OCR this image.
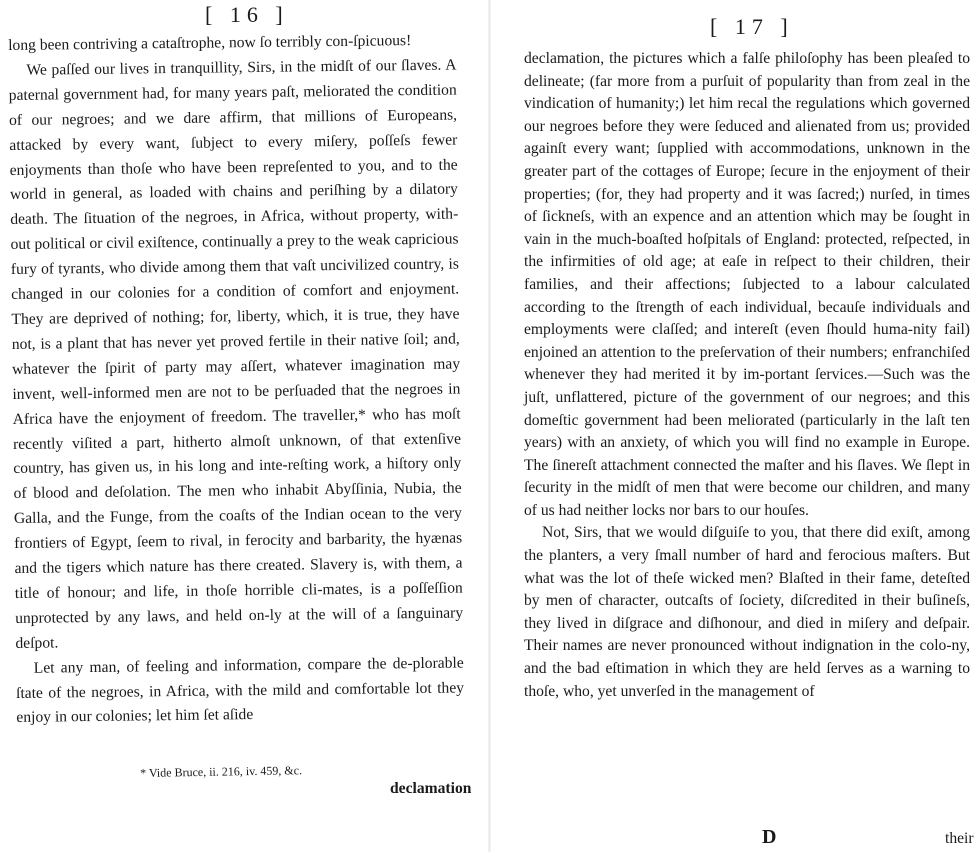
[ 16 ]

long been contriving a cataſtrophe, now ſo terribly con-ſpicuous!

We paſſed our lives in tranquillity, Sirs, in the midſt of our ſlaves. A paternal government had, for many years paſt, meliorated the condition of our negroes; and we dare affirm, that millions of Europeans, attacked by every want, ſubject to every miſery, poſſeſs fewer enjoyments than thoſe who have been repreſented to you, and to the world in general, as loaded with chains and periſhing by a dilatory death. The ſituation of the negroes, in Africa, without property, with-out political or civil exiſtence, continually a prey to the weak capricious fury of tyrants, who divide among them that vaſt uncivilized country, is changed in our colonies for a condition of comfort and enjoyment. They are deprived of nothing; for, liberty, which, it is true, they have not, is a plant that has never yet proved fertile in their native ſoil; and, whatever the ſpirit of party may aſſert, whatever imagination may invent, well-informed men are not to be perſuaded that the negroes in Africa have the enjoyment of freedom. The traveller,* who has moſt recently viſited a part, hitherto almoſt unknown, of that extenſive country, has given us, in his long and inte-reſting work, a hiſtory only of blood and deſolation. The men who inhabit Abyſſinia, Nubia, the Galla, and the Funge, from the coaſts of the Indian ocean to the very frontiers of Egypt, ſeem to rival, in ferocity and barbarity, the hyænas and the tigers which nature has there created. Slavery is, with them, a title of honour; and life, in thoſe horrible cli-mates, is a poſſeſſion unprotected by any laws, and held on-ly at the will of a ſanguinary deſpot.

Let any man, of feeling and information, compare the de-plorable ſtate of the negroes, in Africa, with the mild and comfortable lot they enjoy in our colonies; let him ſet aſide

* Vide Bruce, ii. 216, iv. 459, &c.
declamation
[ 17 ]

declamation, the pictures which a falſe philoſophy has been pleaſed to delineate; (far more from a purſuit of popularity than from zeal in the vindication of humanity;) let him recal the regulations which governed our negroes before they were ſeduced and alienated from us; provided againſt every want; ſupplied with accommodations, unknown in the greater part of the cottages of Europe; ſecure in the enjoyment of their properties; (for, they had property and it was ſacred;) nurſed, in times of ſickneſs, with an expence and an attention which may be ſought in vain in the much-boaſted hoſpitals of England: protected, reſpected, in the infirmities of old age; at eaſe in reſpect to their children, their families, and their affections; ſubjected to a labour calculated according to the ſtrength of each individual, becauſe individuals and employments were claſſed; and intereſt (even ſhould huma-nity fail) enjoined an attention to the preſervation of their numbers; enfranchiſed whenever they had merited it by im-portant ſervices.—Such was the juſt, unflattered, picture of the government of our negroes; and this domeſtic government had been meliorated (particularly in the laſt ten years) with an anxiety, of which you will find no example in Europe. The ſinereſt attachment connected the maſter and his ſlaves. We ſlept in ſecurity in the midſt of men that were become our children, and many of us had neither locks nor bars to our houſes.

Not, Sirs, that we would diſguiſe to you, that there did exiſt, among the planters, a very ſmall number of hard and ferocious maſters. But what was the lot of theſe wicked men? Blaſted in their fame, deteſted by men of character, outcaſts of ſociety, diſcredited in their buſineſs, they lived in diſgrace and diſhonour, and died in miſery and deſpair. Their names are never pronounced without indignation in the colo-ny, and the bad eſtimation in which they are held ſerves as a warning to thoſe, who, yet unverſed in the management of

D	their
